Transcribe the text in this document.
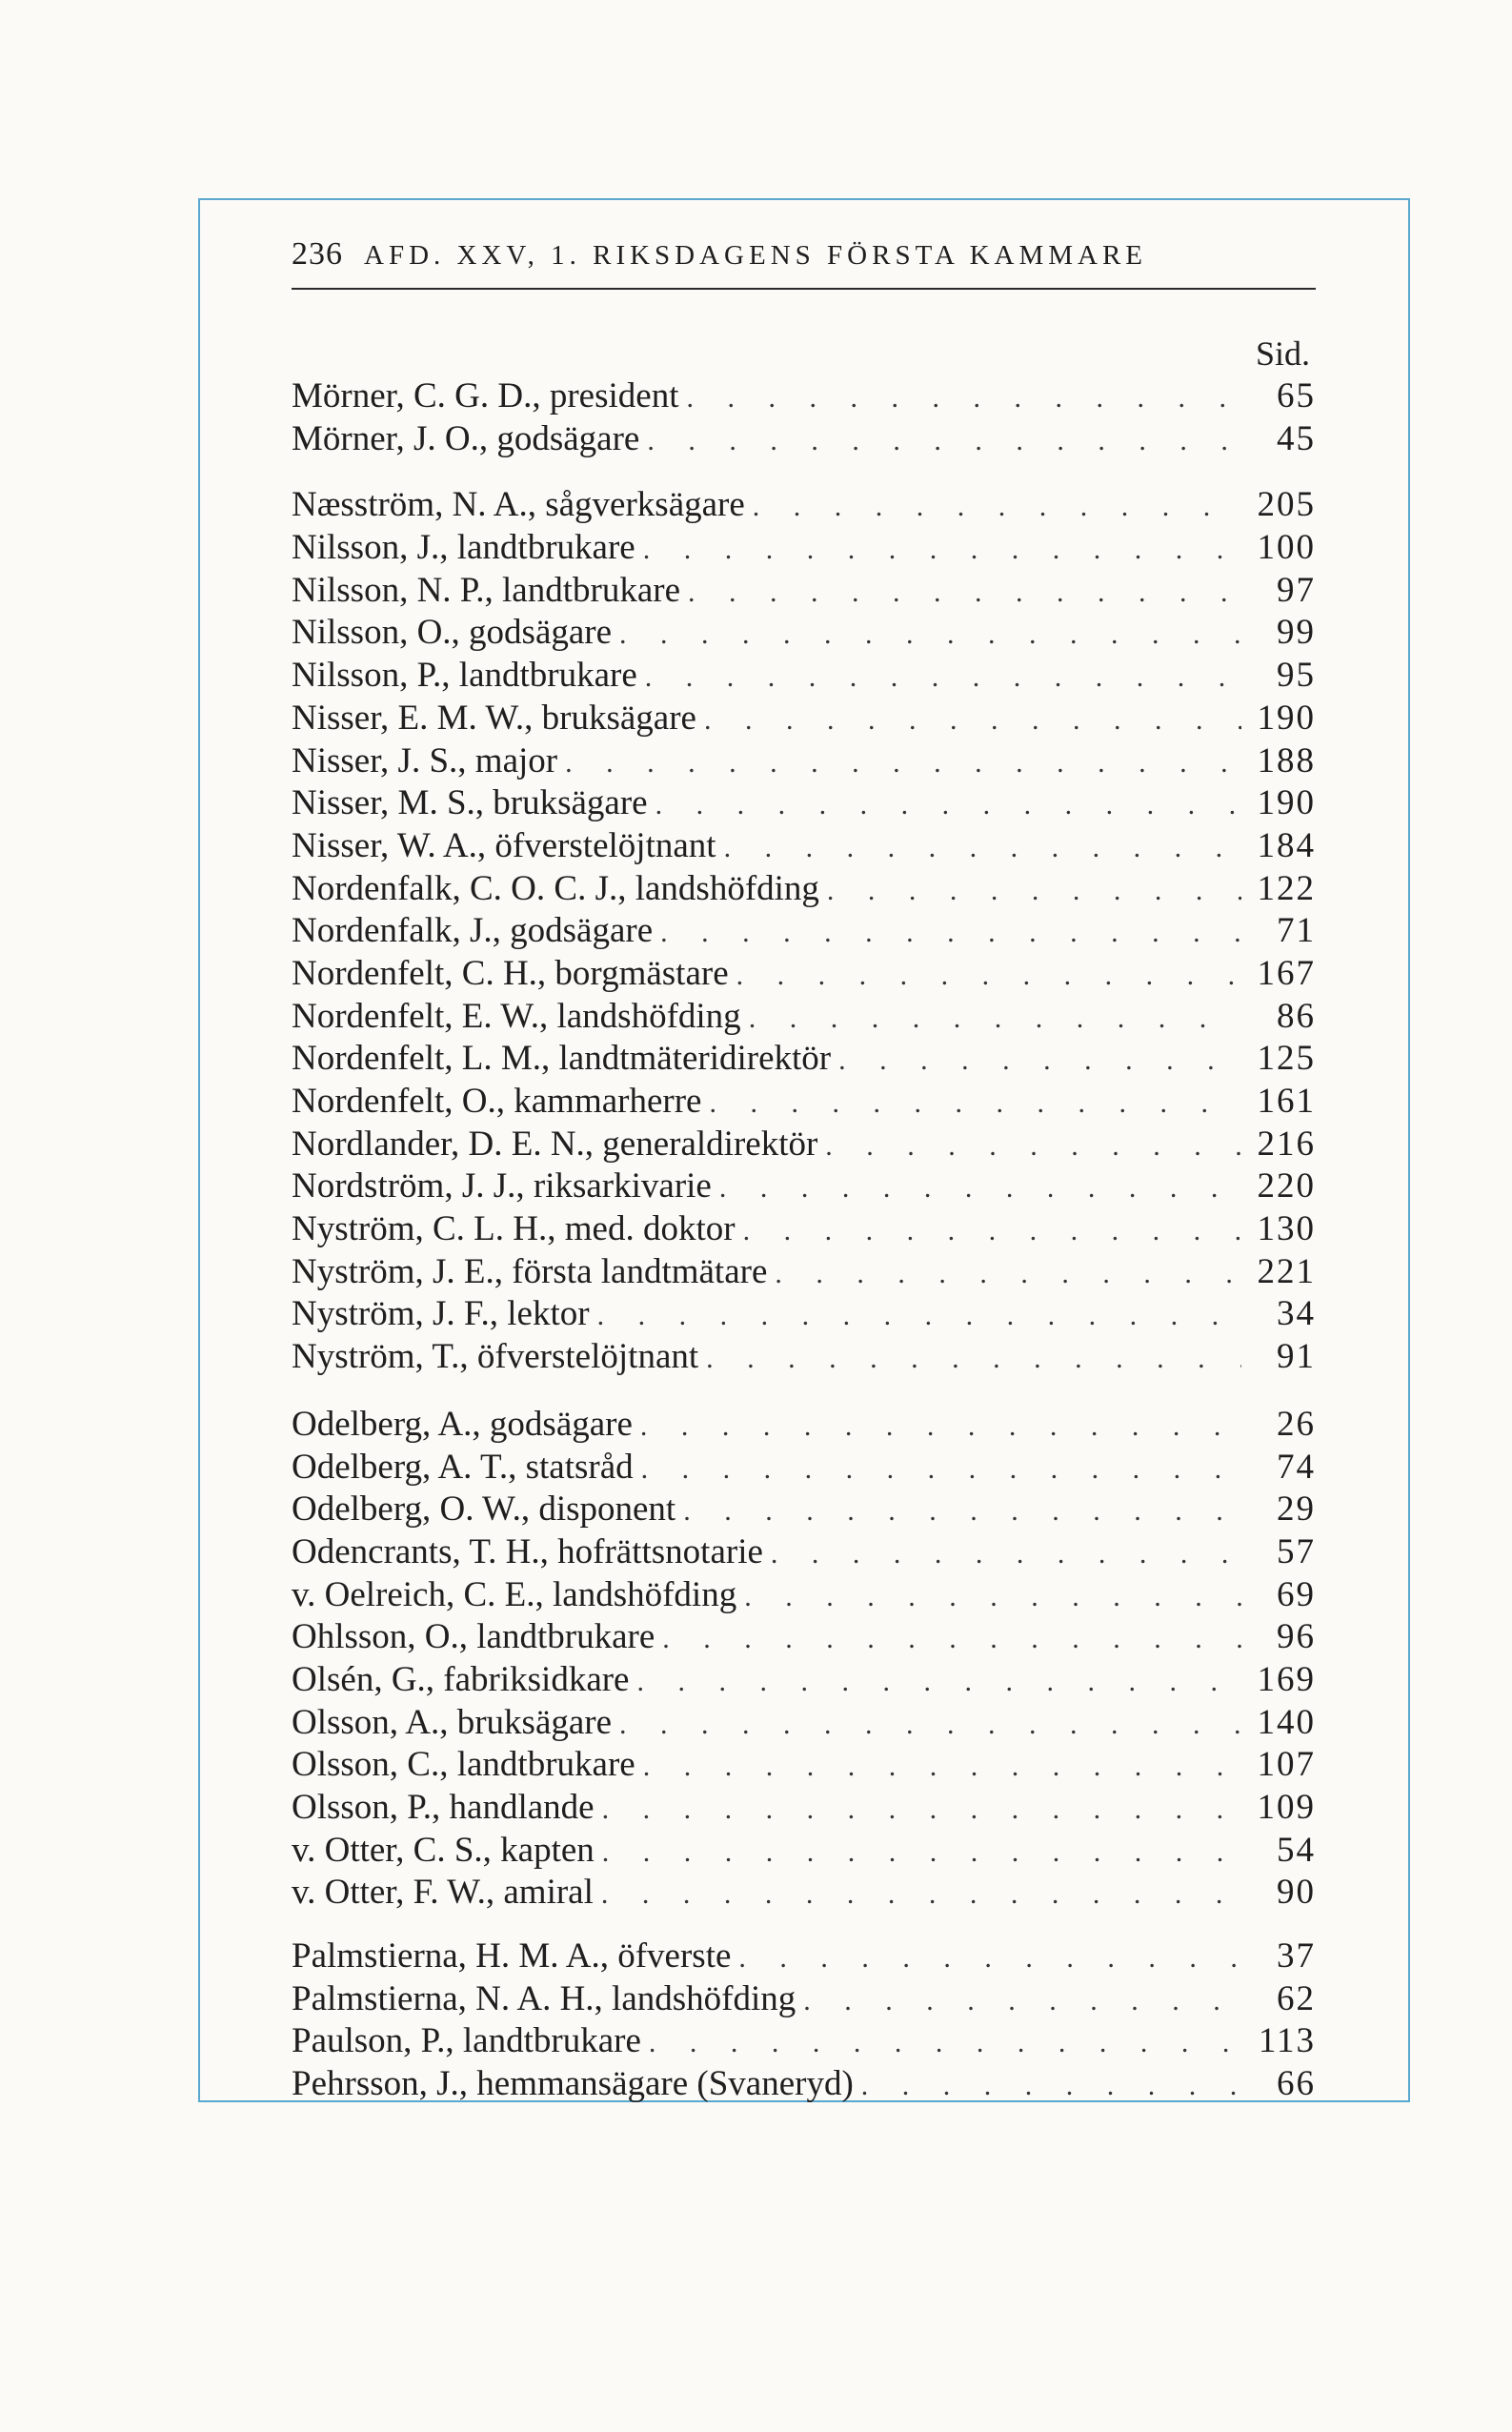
236 AFD. XXV, 1. RIKSDAGENS FÖRSTA KAMMARE
Sid.
Mörner, C. G. D., president . . .	65
Mörner, J. O., godsägare . . .	45
Næsström, N. A., sågverksägare . . .	205
Nilsson, J., landtbrukare . . .	100
Nilsson, N. P., landtbrukare . . .	97
Nilsson, O., godsägare . . .	99
Nilsson, P., landtbrukare . . .	95
Nisser, E. M. W., bruksägare . . .	190
Nisser, J. S., major . . .	188
Nisser, M. S., bruksägare . . .	190
Nisser, W. A., öfverstelöjtnant . . .	184
Nordenfalk, C. O. C. J., landshöfding . . .	122
Nordenfalk, J., godsägare . . .	71
Nordenfelt, C. H., borgmästare . . .	167
Nordenfelt, E. W., landshöfding . . .	86
Nordenfelt, L. M., landtmäteridirektör . . .	125
Nordenfelt, O., kammarherre . . .	161
Nordlander, D. E. N., generaldirektör . . .	216
Nordström, J. J., riksarkivarie . . .	220
Nyström, C. L. H., med. doktor . . .	130
Nyström, J. E., första landtmätare . . .	221
Nyström, J. F., lektor . . .	34
Nyström, T., öfverstelöjtnant . . .	91
Odelberg, A., godsägare . . .	26
Odelberg, A. T., statsråd . . .	74
Odelberg, O. W., disponent . . .	29
Odencrants, T. H., hofrättsnotarie . . .	57
v. Oelreich, C. E., landshöfding . . .	69
Ohlsson, O., landtbrukare . . .	96
Olsén, G., fabriksidkare . . .	169
Olsson, A., bruksägare . . .	140
Olsson, C., landtbrukare . . .	107
Olsson, P., handlande . . .	109
v. Otter, C. S., kapten . . .	54
v. Otter, F. W., amiral . . .	90
Palmstierna, H. M. A., öfverste . . .	37
Palmstierna, N. A. H., landshöfding . . .	62
Paulson, P., landtbrukare . . .	113
Pehrsson, J., hemmansägare (Svaneryd) . . .	66
